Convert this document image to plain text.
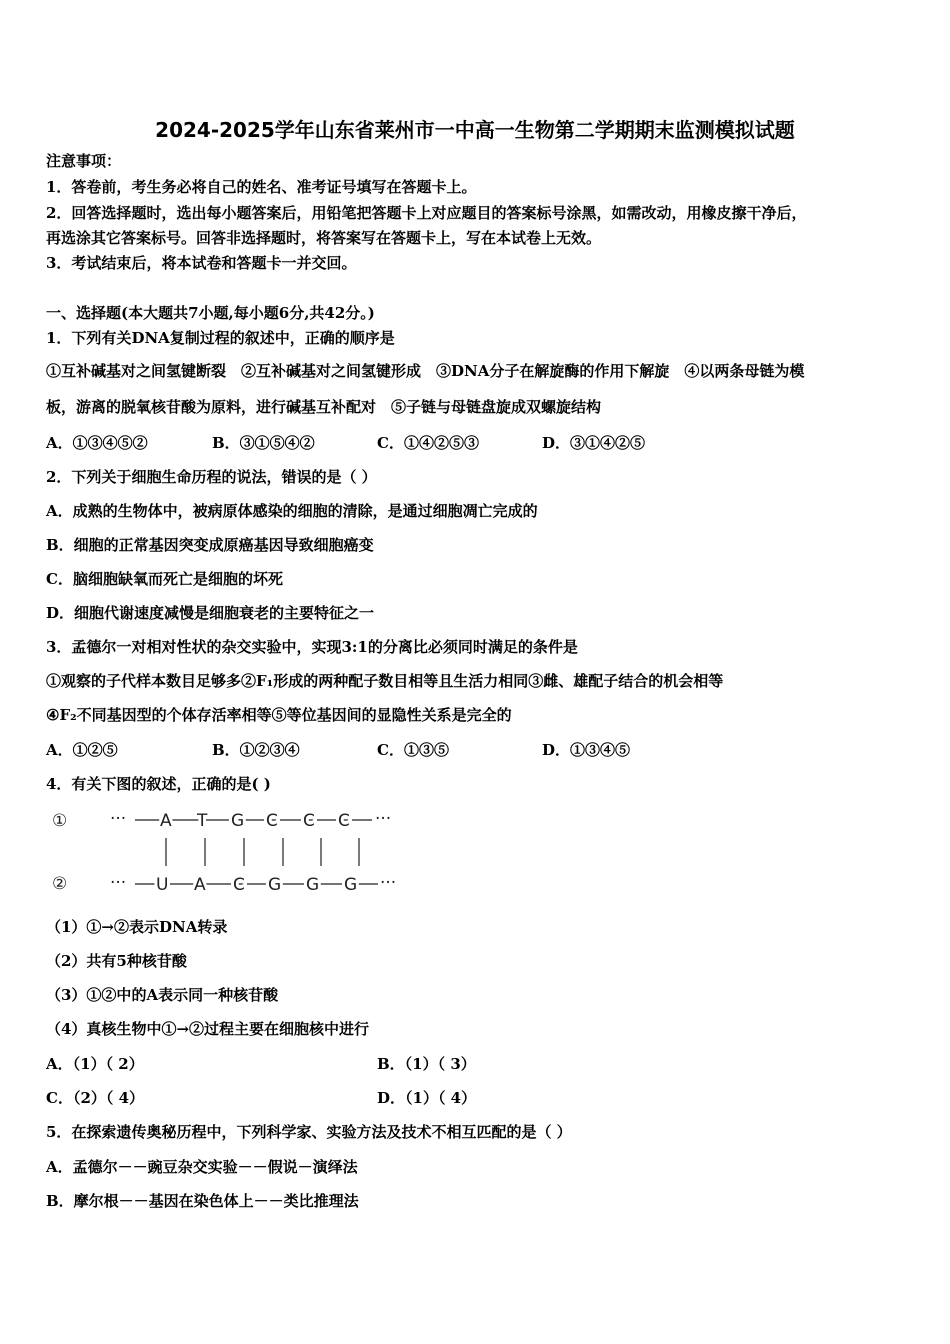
2024-2025学年山东省莱州市一中高一生物第二学期期末监测模拟试题
注意事项：
1．答卷前，考生务必将自己的姓名、准考证号填写在答题卡上。
2．回答选择题时，选出每小题答案后，用铅笔把答题卡上对应题目的答案标号涂黑，如需改动，用橡皮擦干净后，
再选涂其它答案标号。回答非选择题时，将答案写在答题卡上，写在本试卷上无效。
3．考试结束后，将本试卷和答题卡一并交回。
一、选择题(本大题共7小题,每小题6分,共42分。)
1．下列有关DNA复制过程的叙述中，正确的顺序是
①互补碱基对之间氢键断裂　②互补碱基对之间氢键形成　③DNA分子在解旋酶的作用下解旋　④以两条母链为模
板，游离的脱氧核苷酸为原料，进行碱基互补配对　⑤子链与母链盘旋成双螺旋结构
A．①③④⑤②	B．③①⑤④②	C．①④②⑤③	D．③①④②⑤
2．下列关于细胞生命历程的说法，错误的是（ ）
A．成熟的生物体中，被病原体感染的细胞的清除，是通过细胞凋亡完成的
B．细胞的正常基因突变成原癌基因导致细胞癌变
C．脑细胞缺氧而死亡是细胞的坏死
D．细胞代谢速度减慢是细胞衰老的主要特征之一
3．孟德尔一对相对性状的杂交实验中，实现3:1的分离比必须同时满足的条件是
①观察的子代样本数目足够多②F₁形成的两种配子数目相等且生活力相同③雌、雄配子结合的机会相等
④F₂不同基因型的个体存活率相等⑤等位基因间的显隐性关系是完全的
A．①②⑤	B．①②③④	C．①③⑤	D．①③④⑤
4．有关下图的叙述，正确的是( )
①
②
···	···
···	···
A T G C C C
U A C G G G
（1）①→②表示DNA转录
（2）共有5种核苷酸
（3）①②中的A表示同一种核苷酸
（4）真核生物中①→②过程主要在细胞核中进行
A．（1）（ 2）	B．（1）（ 3）
C．（2）（ 4）	D．（1）（ 4）
5．在探索遗传奥秘历程中，下列科学家、实验方法及技术不相互匹配的是（ ）
A．孟德尔－－豌豆杂交实验－－假说－演绎法
B．摩尔根－－基因在染色体上－－类比推理法
